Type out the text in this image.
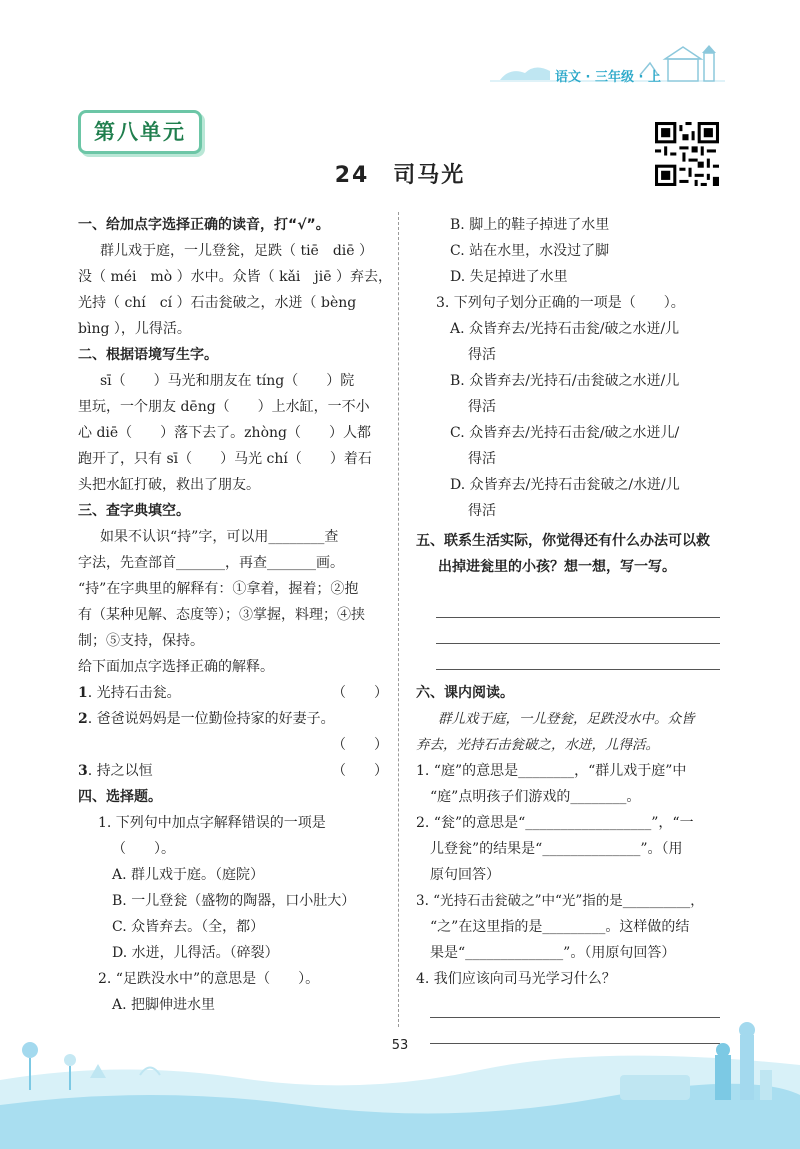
语文 · 三年级 · 上
第八单元
24　司马光
一、给加点字选择正确的读音，打“√”。
群儿戏于庭，一儿登瓮，足跌（ tiē　diē ）
没（ méi　mò ）水中。众皆（ kǎi　jiē ）弃去，
光持（ chí　cí ）石击瓮破之，水迸（ bèng
bìng ），儿得活。
二、根据语境写生字。
sī（　　）马光和朋友在 tíng（　　）院
里玩，一个朋友 dēng（　　）上水缸，一不小
心 diē（　　）落下去了。zhòng（　　）人都
跑开了，只有 sī（　　）马光 chí（　　）着石
头把水缸打破，救出了朋友。
三、查字典填空。
如果不认识“持”字，可以用________查
字法，先查部首_______，再查_______画。
“持”在字典里的解释有：①拿着，握着；②抱
有（某种见解、态度等）；③掌握，料理；④挟
制；⑤支持，保持。
给下面加点字选择正确的解释。
1. 光持石击瓮。	（　　）
2. 爸爸说妈妈是一位勤俭持家的好妻子。
（　　）
3. 持之以恒	（　　）
四、选择题。
1. 下列句中加点字解释错误的一项是
（　　）。
A. 群儿戏于庭。（庭院）
B. 一儿登瓮（盛物的陶器，口小肚大）
C. 众皆弃去。（全，都）
D. 水迸，儿得活。（碎裂）
2. “足跌没水中”的意思是（　　）。
A. 把脚伸进水里
B. 脚上的鞋子掉进了水里
C. 站在水里，水没过了脚
D. 失足掉进了水里
3. 下列句子划分正确的一项是（　　）。
A. 众皆弃去/光持石击瓮/破之水迸/儿
得活
B. 众皆弃去/光持石/击瓮破之水迸/儿
得活
C. 众皆弃去/光持石击瓮/破之水迸儿/
得活
D. 众皆弃去/光持石击瓮破之/水迸/儿
得活
五、联系生活实际，你觉得还有什么办法可以救
出掉进瓮里的小孩？想一想，写一写。
六、课内阅读。
群儿戏于庭，一儿登瓮，足跌没水中。众皆
弃去，光持石击瓮破之，水迸，儿得活。
1. “庭”的意思是________，“群儿戏于庭”中
“庭”点明孩子们游戏的________。
2. “瓮”的意思是“__________________”，“一
儿登瓮”的结果是“______________”。（用
原句回答）
3. “光持石击瓮破之”中“光”指的是__________，
“之”在这里指的是_________。这样做的结
果是“______________”。（用原句回答）
4. 我们应该向司马光学习什么？
53
